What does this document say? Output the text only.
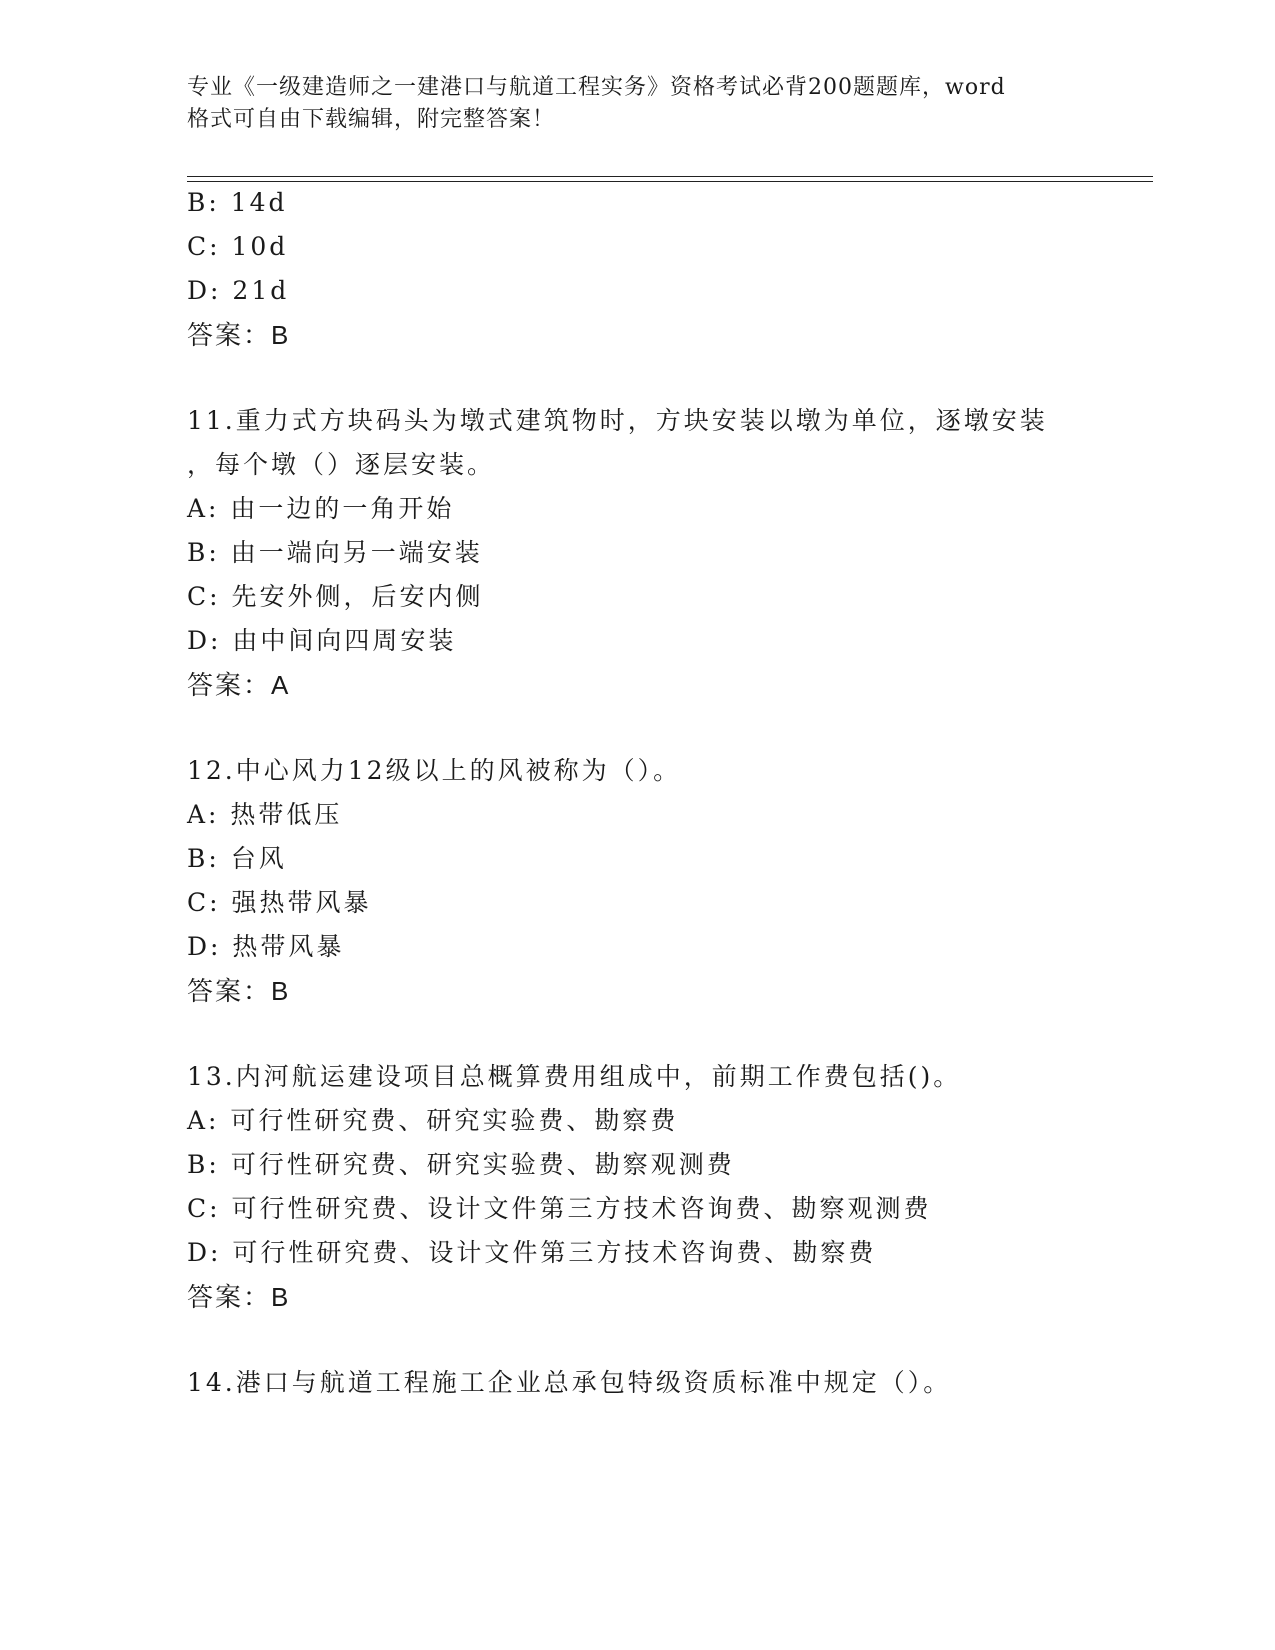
专业《一级建造师之一建港口与航道工程实务》资格考试必背200题题库，word
格式可自由下载编辑，附完整答案！
B: 14d
C: 10d
D: 21d
答案：B
11.重力式方块码头为墩式建筑物时，方块安装以墩为单位，逐墩安装
，每个墩（）逐层安装。
A: 由一边的一角开始
B: 由一端向另一端安装
C: 先安外侧，后安内侧
D: 由中间向四周安装
答案：A
12.中心风力12级以上的风被称为（）。
A: 热带低压
B: 台风
C: 强热带风暴
D: 热带风暴
答案：B
13.内河航运建设项目总概算费用组成中，前期工作费包括()。
A: 可行性研究费、研究实验费、勘察费
B: 可行性研究费、研究实验费、勘察观测费
C: 可行性研究费、设计文件第三方技术咨询费、勘察观测费
D: 可行性研究费、设计文件第三方技术咨询费、勘察费
答案：B
14.港口与航道工程施工企业总承包特级资质标准中规定（）。
